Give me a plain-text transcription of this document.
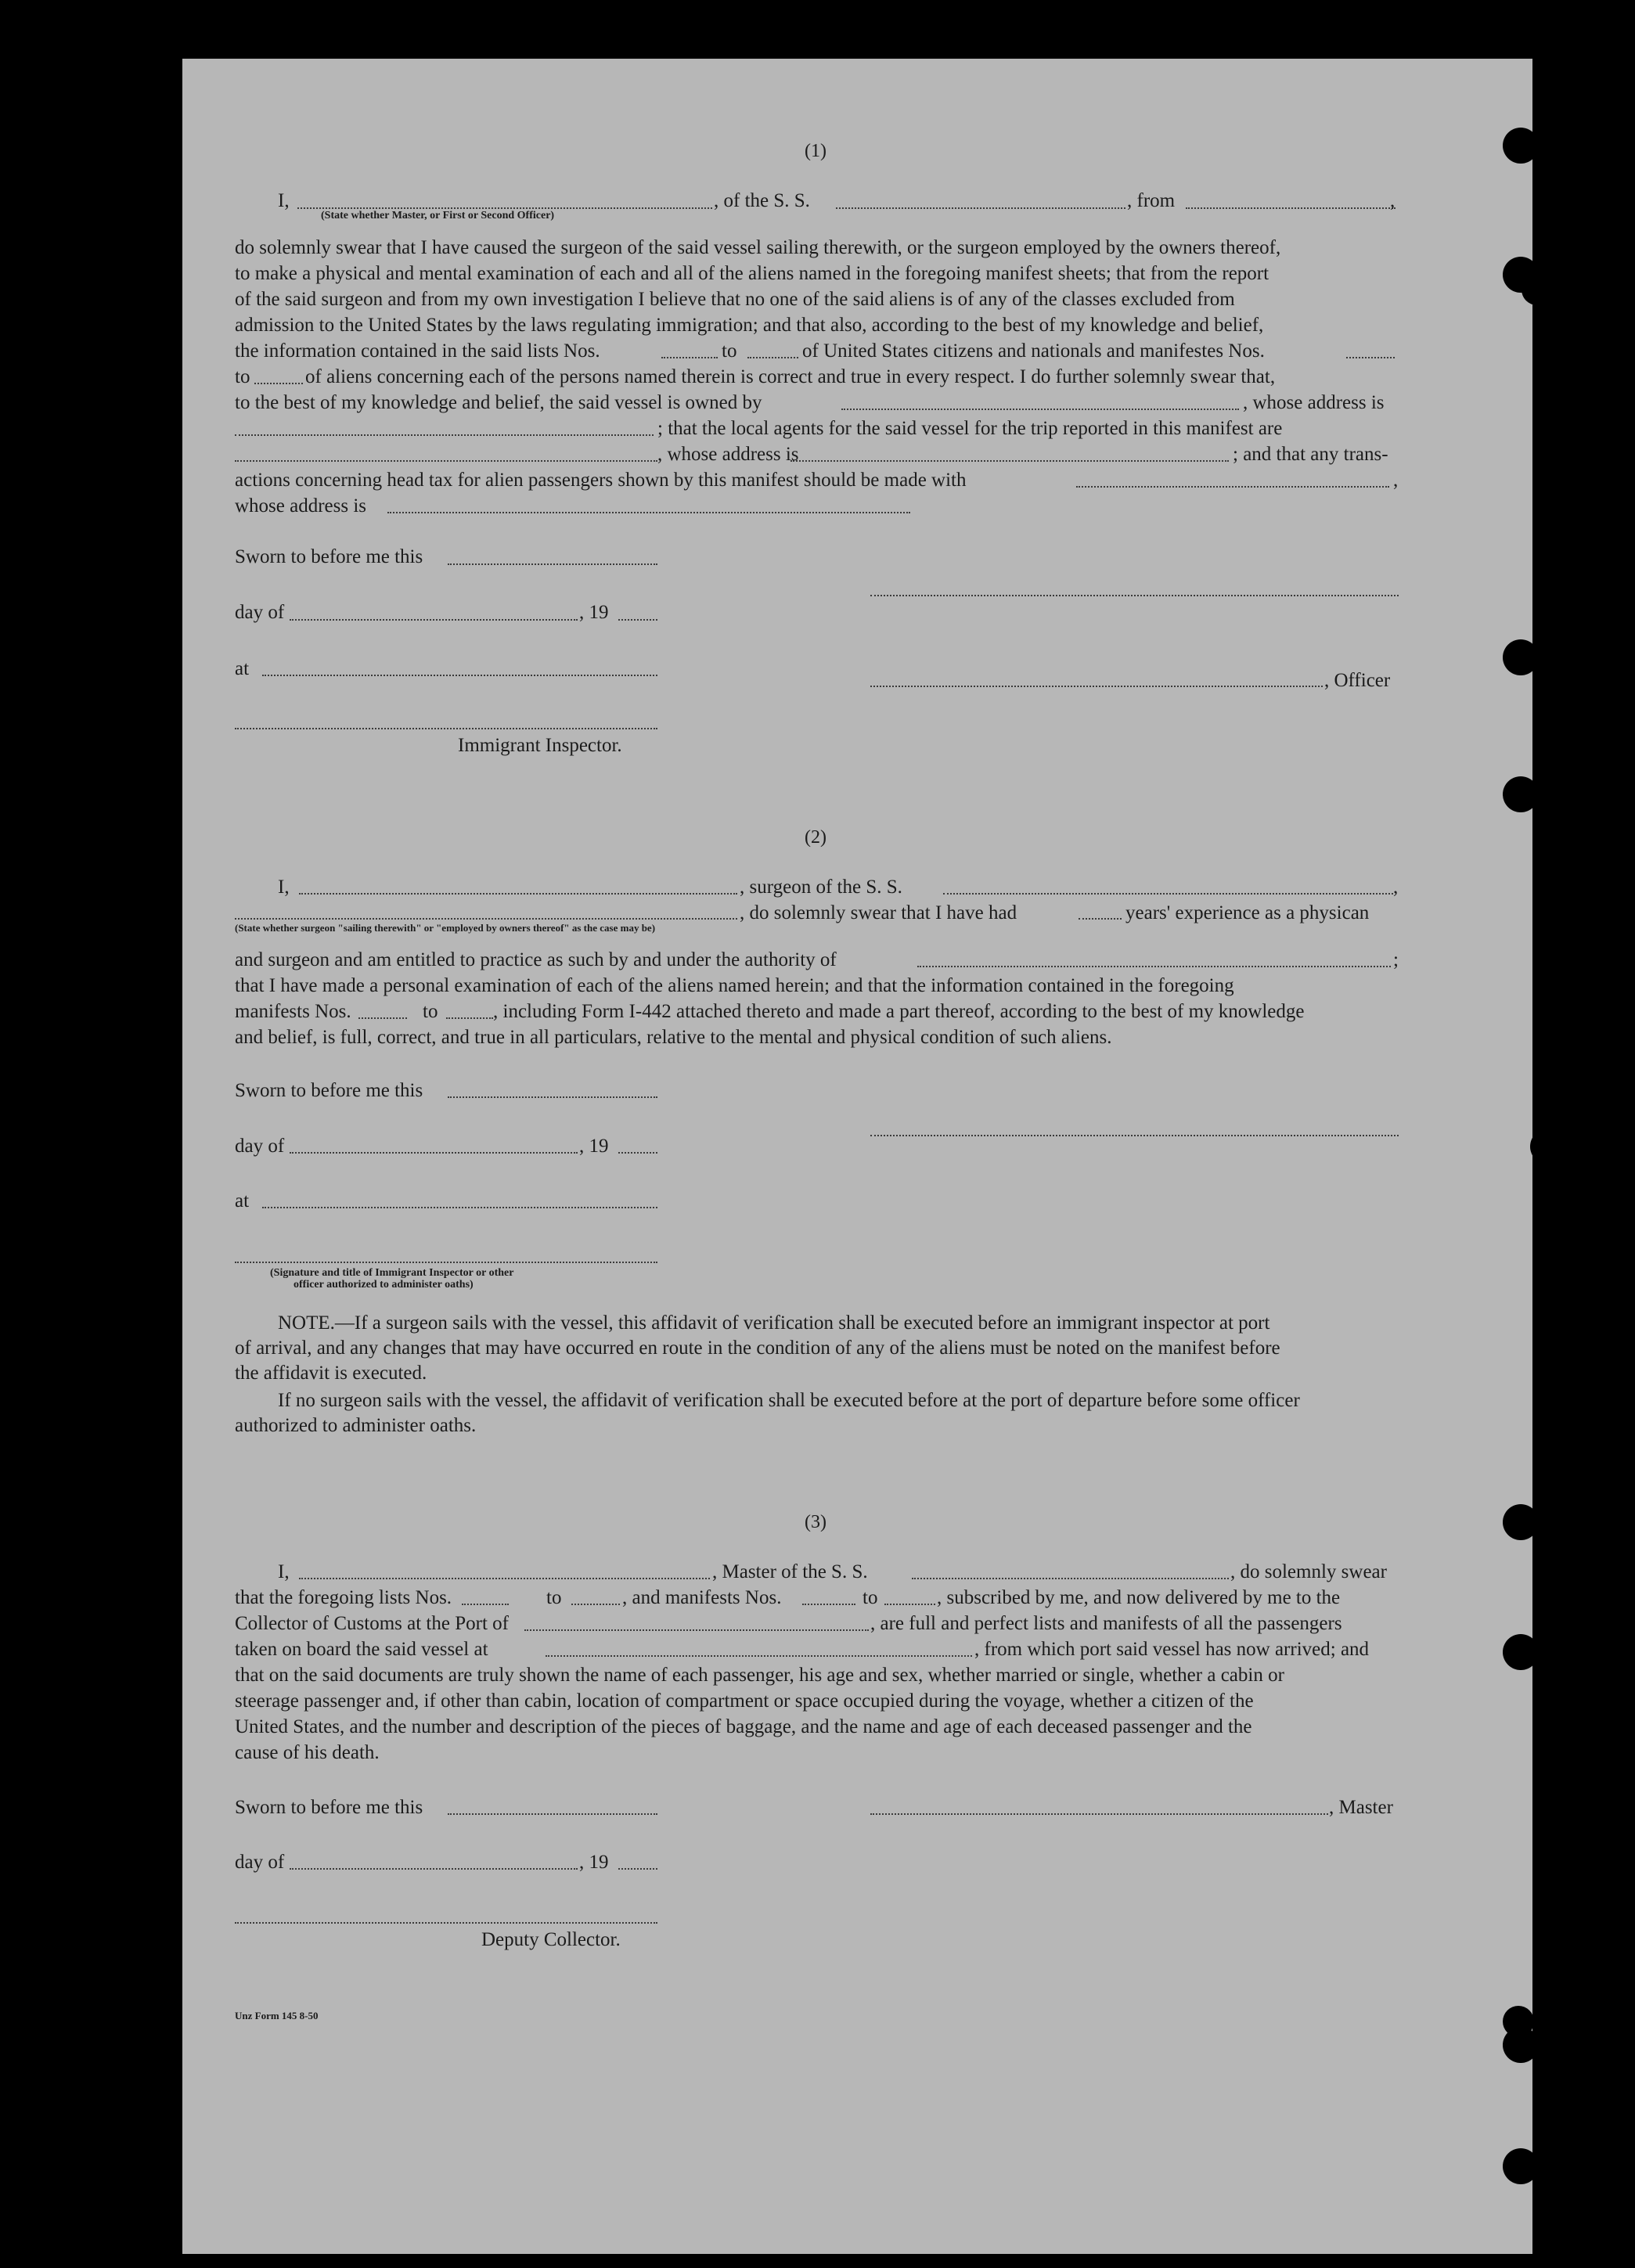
(1)
I,	, of the S. S.	, from	,
(State whether Master, or First or Second Officer)
do solemnly swear that I have caused the surgeon of the said vessel sailing therewith, or the surgeon employed by the owners thereof,
to make a physical and mental examination of each and all of the aliens named in the foregoing manifest sheets; that from the report
of the said surgeon and from my own investigation I believe that no one of the said aliens is of any of the classes excluded from
admission to the United States by the laws regulating immigration; and that also, according to the best of my knowledge and belief,
the information contained in the said lists Nos.	to	of United States citizens and nationals and manifestes Nos.
to	of aliens concerning each of the persons named therein is correct and true in every respect. I do further solemnly swear that,
to the best of my knowledge and belief, the said vessel is owned by	, whose address is
; that the local agents for the said vessel for the trip reported in this manifest are
, whose address is	; and that any trans-
actions concerning head tax for alien passengers shown by this manifest should be made with	,
whose address is
Sworn to before me this
day of	, 19
at
, Officer
Immigrant Inspector.
(2)
I,	, surgeon of the S. S.	,
, do solemnly swear that I have had	years' experience as a physican
(State whether surgeon "sailing therewith" or "employed by owners thereof" as the case may be)
and surgeon and am entitled to practice as such by and under the authority of	;
that I have made a personal examination of each of the aliens named herein; and that the information contained in the foregoing
manifests Nos.	to	, including Form I-442 attached thereto and made a part thereof, according to the best of my knowledge
and belief, is full, correct, and true in all particulars, relative to the mental and physical condition of such aliens.
Sworn to before me this
day of	, 19
at
(Signature and title of Immigrant Inspector or other
officer authorized to administer oaths)
NOTE.—If a surgeon sails with the vessel, this affidavit of verification shall be executed before an immigrant inspector at port
of arrival, and any changes that may have occurred en route in the condition of any of the aliens must be noted on the manifest before
the affidavit is executed.
If no surgeon sails with the vessel, the affidavit of verification shall be executed before at the port of departure before some officer
authorized to administer oaths.
(3)
I,	, Master of the S. S.	, do solemnly swear
that the foregoing lists Nos.	to	, and manifests Nos.	to	, subscribed by me, and now delivered by me to the
Collector of Customs at the Port of	, are full and perfect lists and manifests of all the passengers
taken on board the said vessel at	, from which port said vessel has now arrived; and
that on the said documents are truly shown the name of each passenger, his age and sex, whether married or single, whether a cabin or
steerage passenger and, if other than cabin, location of compartment or space occupied during the voyage, whether a citizen of the
United States, and the number and description of the pieces of baggage, and the name and age of each deceased passenger and the
cause of his death.
Sworn to before me this	, Master
day of	, 19
Deputy Collector.
Unz Form 145 8-50
